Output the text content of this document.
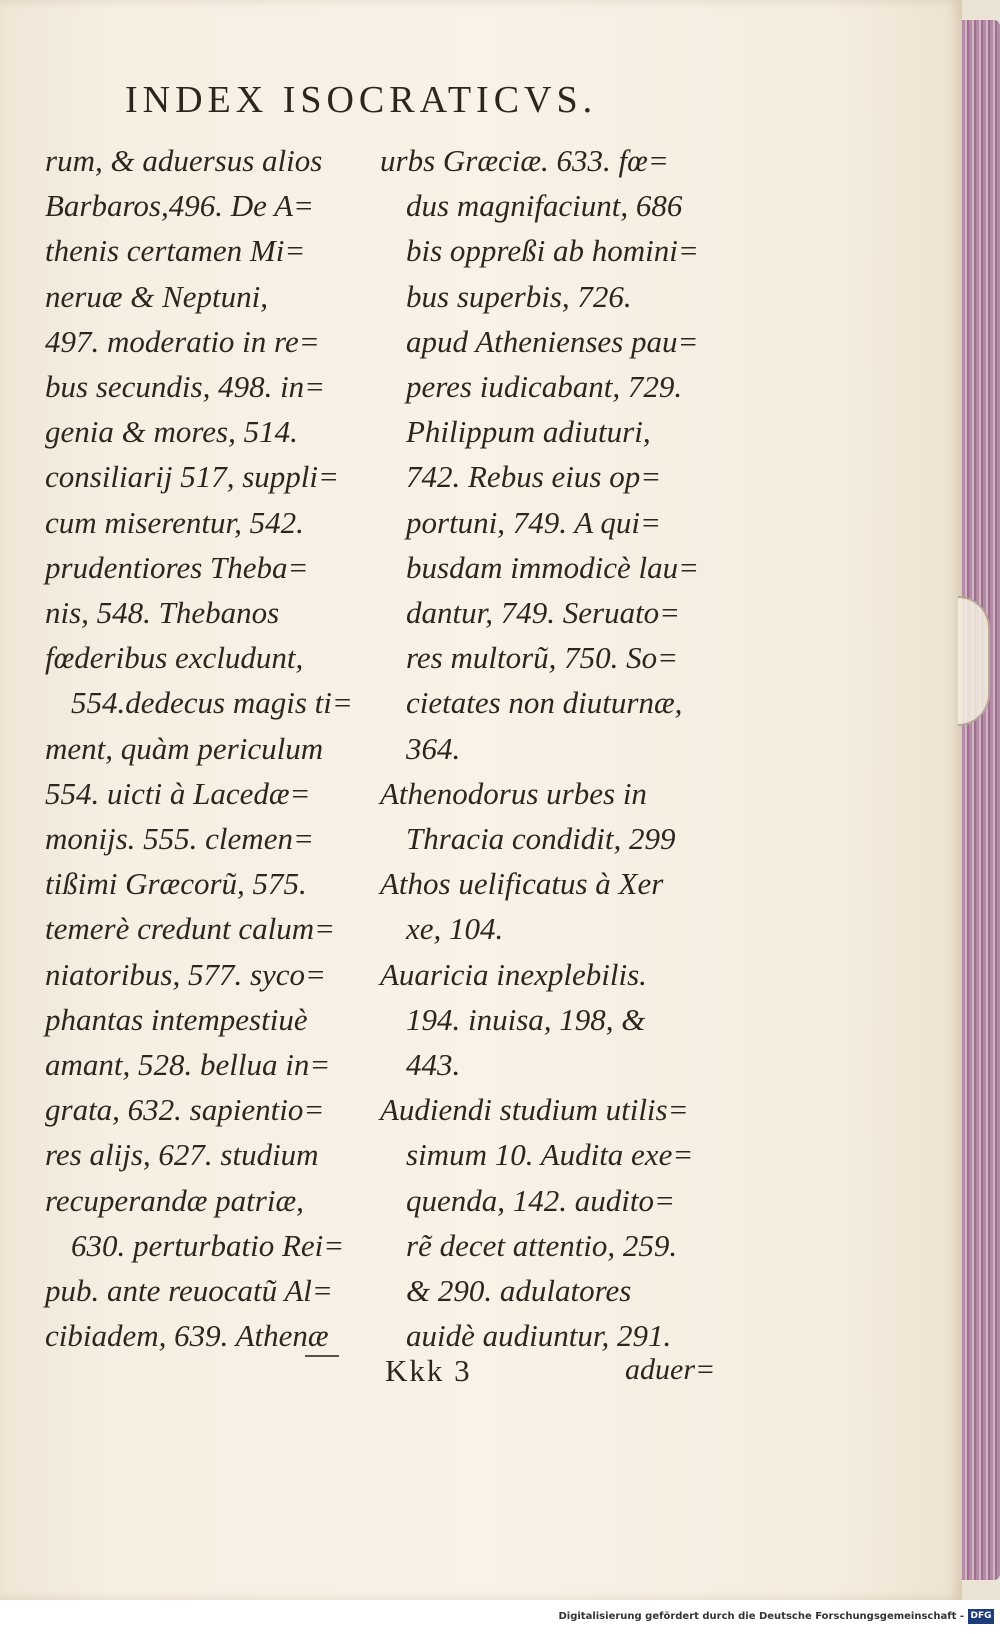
INDEX ISOCRATICVS.
rum, & aduersus alios
Barbaros,496. De A=
thenis certamen Mi=
neruæ & Neptuni,
497. moderatio in re=
bus secundis, 498. in=
genia & mores, 514.
consiliarij 517, suppli=
cum miserentur, 542.
prudentiores Theba=
nis, 548. Thebanos
fœderibus excludunt,
554.dedecus magis ti=
ment, quàm periculum
554. uicti à Lacedæ=
monijs. 555. clemen=
tißimi Græcorũ, 575.
temerè credunt calum=
niatoribus, 577. syco=
phantas intempestiuè
amant, 528. bellua in=
grata, 632. sapientio=
res alijs, 627. studium
recuperandæ patriæ,
630. perturbatio Rei=
pub. ante reuocatũ Al=
cibiadem, 639. Athenæ
urbs Græciæ. 633. fœ=
dus magnifaciunt, 686
bis oppreßi ab homini=
bus superbis, 726.
apud Athenienses pau=
peres iudicabant, 729.
Philippum adiuturi,
742. Rebus eius op=
portuni, 749. A qui=
busdam immodicè lau=
dantur, 749. Seruato=
res multorũ, 750. So=
cietates non diuturnæ,
364.
Athenodorus urbes in
Thracia condidit, 299
Athos uelificatus à Xer
xe, 104.
Auaricia inexplebilis.
194. inuisa, 198, &
443.
Audiendi studium utilis=
simum 10. Audita exe=
quenda, 142. audito=
rẽ decet attentio, 259.
& 290. adulatores
auidè audiuntur, 291.
Kkk 3	aduer=
Digitalisierung gefördert durch die Deutsche Forschungsgemeinschaft - DFG
